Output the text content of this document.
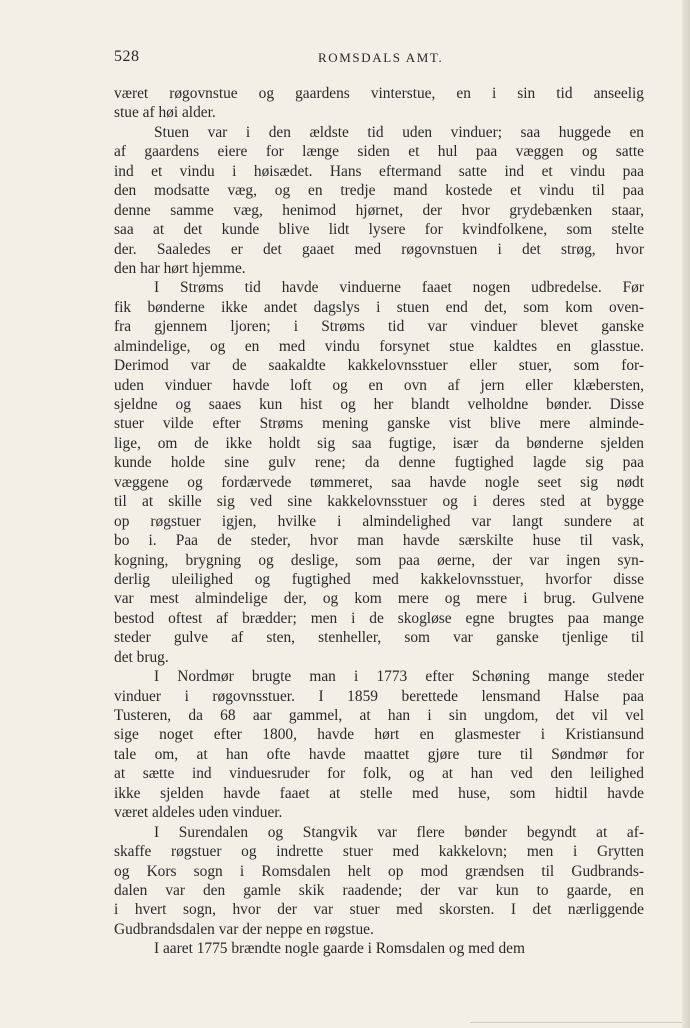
528	ROMSDALS AMT.
været røgovnstue og gaardens vinterstue, en i sin tid anseelig
stue af høi alder.
Stuen var i den ældste tid uden vinduer; saa huggede en
af gaardens eiere for længe siden et hul paa væggen og satte
ind et vindu i høisædet. Hans eftermand satte ind et vindu paa
den modsatte væg, og en tredje mand kostede et vindu til paa
denne samme væg, henimod hjørnet, der hvor grydebænken staar,
saa at det kunde blive lidt lysere for kvindfolkene, som stelte
der. Saaledes er det gaaet med røgovnstuen i det strøg, hvor
den har hørt hjemme.
I Strøms tid havde vinduerne faaet nogen udbredelse. Før
fik bønderne ikke andet dagslys i stuen end det, som kom oven-
fra gjennem ljoren; i Strøms tid var vinduer blevet ganske
almindelige, og en med vindu forsynet stue kaldtes en glasstue.
Derimod var de saakaldte kakkelovnsstuer eller stuer, som for-
uden vinduer havde loft og en ovn af jern eller klæbersten,
sjeldne og saaes kun hist og her blandt velholdne bønder. Disse
stuer vilde efter Strøms mening ganske vist blive mere alminde-
lige, om de ikke holdt sig saa fugtige, især da bønderne sjelden
kunde holde sine gulv rene; da denne fugtighed lagde sig paa
væggene og fordærvede tømmeret, saa havde nogle seet sig nødt
til at skille sig ved sine kakkelovnsstuer og i deres sted at bygge
op røgstuer igjen, hvilke i almindelighed var langt sundere at
bo i. Paa de steder, hvor man havde særskilte huse til vask,
kogning, brygning og deslige, som paa øerne, der var ingen syn-
derlig uleilighed og fugtighed med kakkelovnsstuer, hvorfor disse
var mest almindelige der, og kom mere og mere i brug. Gulvene
bestod oftest af brædder; men i de skogløse egne brugtes paa mange
steder gulve af sten, stenheller, som var ganske tjenlige til
det brug.
I Nordmør brugte man i 1773 efter Schøning mange steder
vinduer i røgovnsstuer. I 1859 berettede lensmand Halse paa
Tusteren, da 68 aar gammel, at han i sin ungdom, det vil vel
sige noget efter 1800, havde hørt en glasmester i Kristiansund
tale om, at han ofte havde maattet gjøre ture til Søndmør for
at sætte ind vinduesruder for folk, og at han ved den leilighed
ikke sjelden havde faaet at stelle med huse, som hidtil havde
været aldeles uden vinduer.
I Surendalen og Stangvik var flere bønder begyndt at af-
skaffe røgstuer og indrette stuer med kakkelovn; men i Grytten
og Kors sogn i Romsdalen helt op mod grændsen til Gudbrands-
dalen var den gamle skik raadende; der var kun to gaarde, en
i hvert sogn, hvor der var stuer med skorsten. I det nærliggende
Gudbrandsdalen var der neppe en røgstue.
I aaret 1775 brændte nogle gaarde i Romsdalen og med dem
